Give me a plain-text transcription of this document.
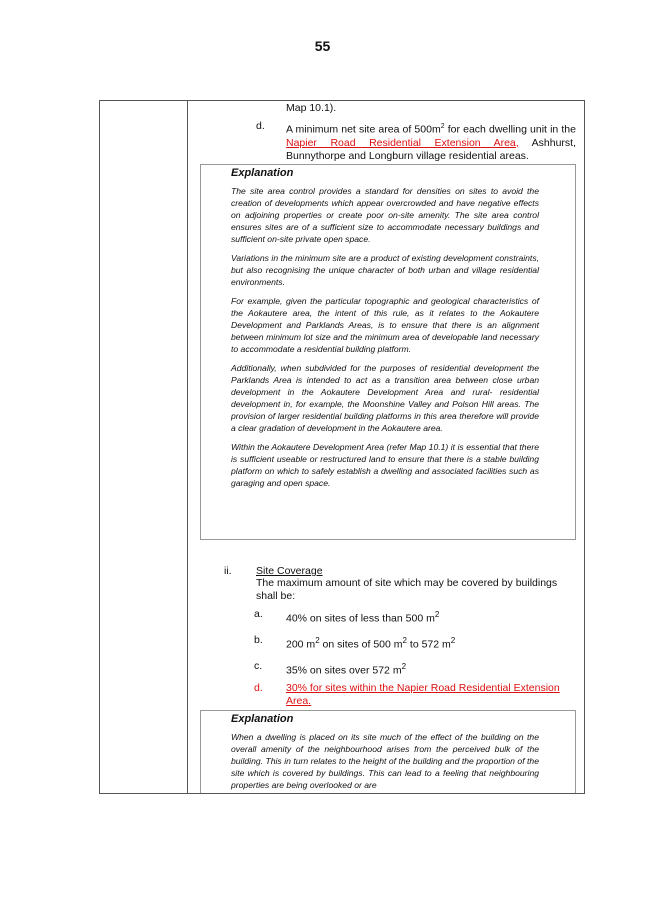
55
Map 10.1).
d. A minimum net site area of $500m^2$ for each dwelling unit in the Napier Road Residential Extension Area, Ashhurst, Bunnythorpe and Longburn village residential areas.
Explanation

The site area control provides a standard for densities on sites to avoid the creation of developments which appear overcrowded and have negative effects on adjoining properties or create poor on-site amenity. The site area control ensures sites are of a sufficient size to accommodate necessary buildings and sufficient on-site private open space.

Variations in the minimum site are a product of existing development constraints, but also recognising the unique character of both urban and village residential environments.

For example, given the particular topographic and geological characteristics of the Aokautere area, the intent of this rule, as it relates to the Aokautere Development and Parklands Areas, is to ensure that there is an alignment between minimum lot size and the minimum area of developable land necessary to accommodate a residential building platform.

Additionally, when subdivided for the purposes of residential development the Parklands Area is intended to act as a transition area between close urban development in the Aokautere Development Area and rural- residential development in, for example, the Moonshine Valley and Polson Hill areas. The provision of larger residential building platforms in this area therefore will provide a clear gradation of development in the Aokautere area.

Within the Aokautere Development Area (refer Map 10.1) it is essential that there is sufficient useable or restructured land to ensure that there is a stable building platform on which to safely establish a dwelling and associated facilities such as garaging and open space.

ii. Site Coverage
The maximum amount of site which may be covered by buildings shall be:
a. 40% on sites of less than 500 $m^2$
b. 200 $m^2$ on sites of 500 $m^2$ to 572 $m^2$
c. 35% on sites over 572 $m^2$
d. 30% for sites within the Napier Road Residential Extension Area.
Explanation

When a dwelling is placed on its site much of the effect of the building on the overall amenity of the neighbourhood arises from the perceived bulk of the building. This in turn relates to the height of the building and the proportion of the site which is covered by buildings. This can lead to a feeling that neighbouring properties are being overlooked or are
